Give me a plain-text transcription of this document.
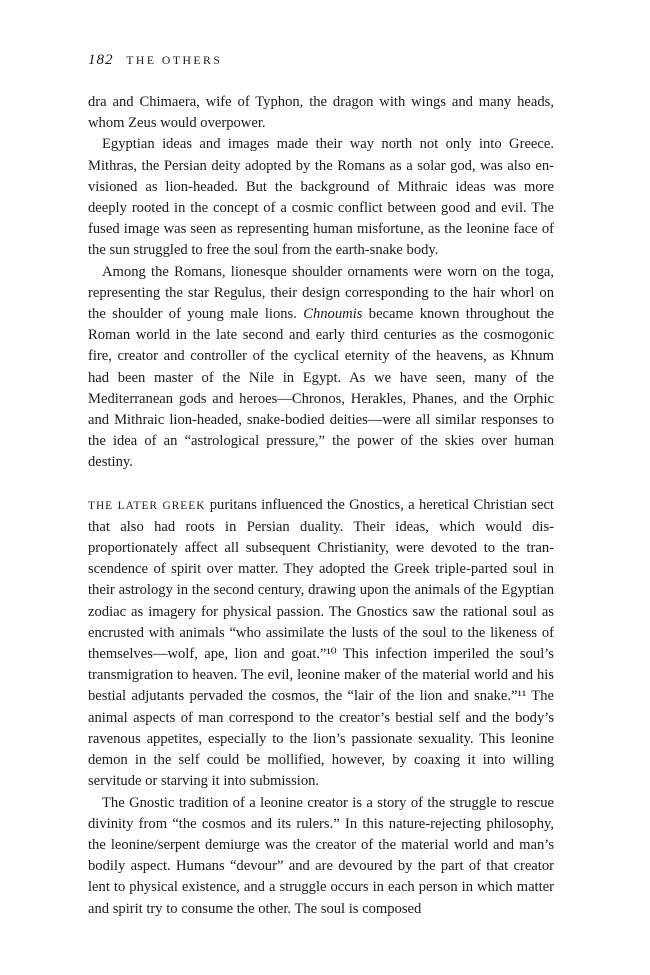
182 THE OTHERS

dra and Chimaera, wife of Typhon, the dragon with wings and many heads, whom Zeus would overpower.

Egyptian ideas and images made their way north not only into Greece. Mithras, the Persian deity adopted by the Romans as a solar god, was also envisioned as lion-headed. But the background of Mithraic ideas was more deeply rooted in the concept of a cosmic conflict between good and evil. The fused image was seen as representing human misfortune, as the leonine face of the sun struggled to free the soul from the earth-snake body.

Among the Romans, lionesque shoulder ornaments were worn on the toga, representing the star Regulus, their design corresponding to the hair whorl on the shoulder of young male lions. Chnoumis became known throughout the Roman world in the late second and early third centuries as the cosmogonic fire, creator and controller of the cyclical eternity of the heavens, as Khnum had been master of the Nile in Egypt. As we have seen, many of the Mediterranean gods and heroes—Chronos, Herakles, Phanes, and the Orphic and Mithraic lion-headed, snake-bodied deities—were all similar responses to the idea of an “astrological pressure,” the power of the skies over human destiny.

THE LATER GREEK puritans influenced the Gnostics, a heretical Christian sect that also had roots in Persian duality. Their ideas, which would disproportionately affect all subsequent Christianity, were devoted to the transcendence of spirit over matter. They adopted the Greek triple-parted soul in their astrology in the second century, drawing upon the animals of the Egyptian zodiac as imagery for physical passion. The Gnostics saw the rational soul as encrusted with animals “who assimilate the lusts of the soul to the likeness of themselves—wolf, ape, lion and goat.”¹⁰ This infection imperiled the soul’s transmigration to heaven. The evil, leonine maker of the material world and his bestial adjutants pervaded the cosmos, the “lair of the lion and snake.”¹¹ The animal aspects of man correspond to the creator’s bestial self and the body’s ravenous appetites, especially to the lion’s passionate sexuality. This leonine demon in the self could be mollified, however, by coaxing it into willing servitude or starving it into submission.

The Gnostic tradition of a leonine creator is a story of the struggle to rescue divinity from “the cosmos and its rulers.” In this nature-rejecting philosophy, the leonine/serpent demiurge was the creator of the material world and man’s bodily aspect. Humans “devour” and are devoured by the part of that creator lent to physical existence, and a struggle occurs in each person in which matter and spirit try to consume the other. The soul is composed
